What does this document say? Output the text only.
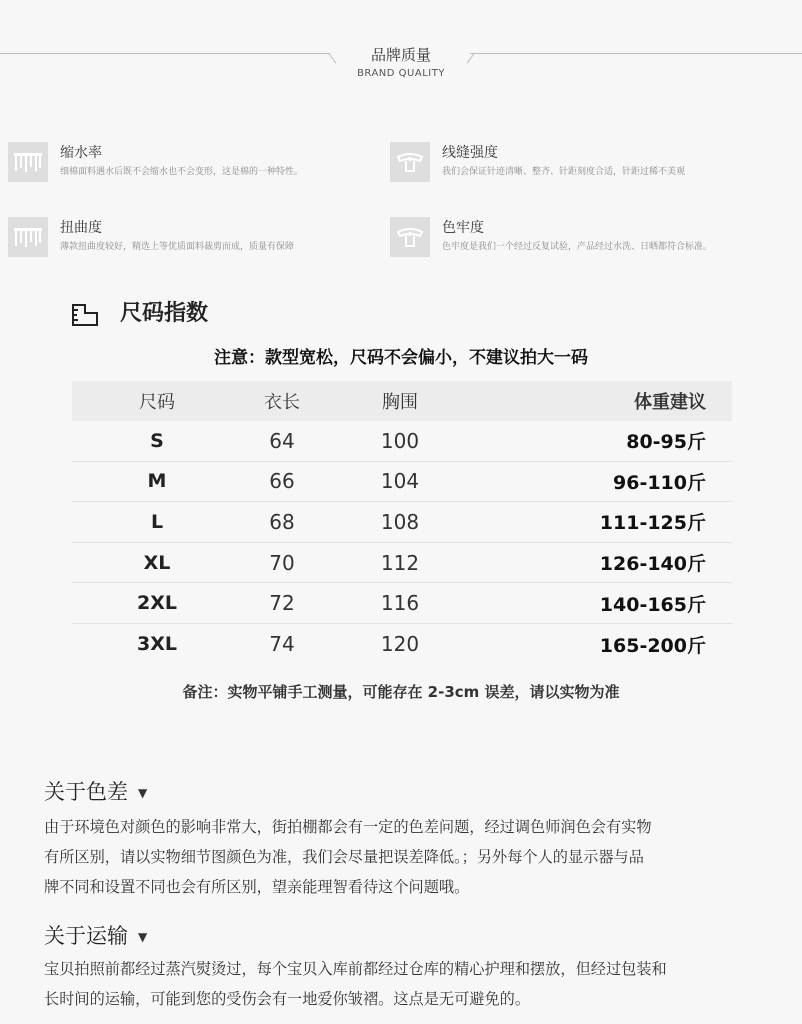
品牌质量
BRAND QUALITY
缩水率
细棉面料遇水后既不会缩水也不会变形，这是棉的一种特性。
线缝强度
我们会保证针迹清晰、整齐、针距刻度合适，针距过稀不美观
扭曲度
薄款扭曲度较好，精选上等优质面料裁剪而成，质量有保障
色牢度
色牢度是我们一个经过反复试验，产品经过水洗、日晒都符合标准。
尺码指数
注意：款型宽松，尺码不会偏小，不建议拍大一码
尺码	衣长	胸围	体重建议
S	64	100	80-95斤
M	66	104	96-110斤
L	68	108	111-125斤
XL	70	112	126-140斤
2XL	72	116	140-165斤
3XL	74	120	165-200斤
备注：实物平铺手工测量，可能存在 2-3cm 误差，请以实物为准
关于色差 ▼
由于环境色对颜色的影响非常大，街拍棚都会有一定的色差问题，经过调色师润色会有实物
有所区别，请以实物细节图颜色为准，我们会尽量把误差降低。；另外每个人的显示器与品
牌不同和设置不同也会有所区别，望亲能理智看待这个问题哦。
关于运输 ▼
宝贝拍照前都经过蒸汽熨烫过，每个宝贝入库前都经过仓库的精心护理和摆放，但经过包装和
长时间的运输，可能到您的受伤会有一地爱你皱褶。这点是无可避免的。
